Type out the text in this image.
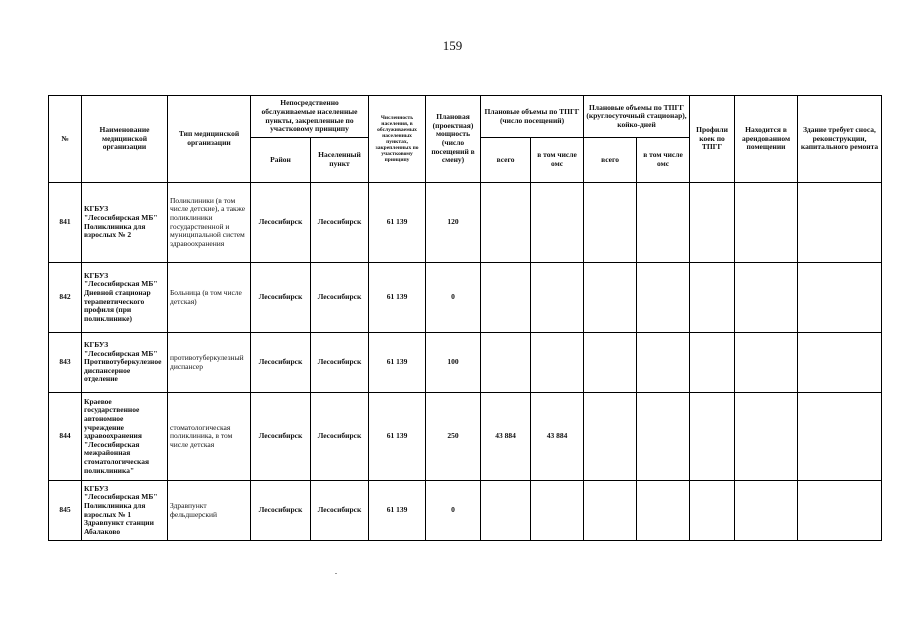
159
№	Наименование медицинской организации	Тип медицинской организации	Непосредственно обслуживаемые населенные пункты, закрепленные по участковому принципу		Численность населения, в обслуживаемых населенных пунктах, закрепленных по участковому принципу	Плановая (проектная) мощность (число посещений в смену)	Плановые объемы по ТПГГ (число посещений)		Плановые объемы по ТПГГ (круглосуточный стационар), койко-дней		Профили коек по ТПГГ	Находится в арендованном помещении	Здание требует сноса, реконструкции, капитального ремонта
			Район	Населенный пункт			всего	в том числе омс	всего	в том числе омс			
841	КГБУЗ "Лесосибирская МБ" Поликлиника для взрослых № 2	Поликлиники (в том числе детские), а также поликлиники государственной и муниципальной систем здравоохранения	Лесосибирск	Лесосибирск	61 139	120							
842	КГБУЗ "Лесосибирская МБ" Дневной стационар терапевтического профиля (при поликлинике)	Больница (в том числе детская)	Лесосибирск	Лесосибирск	61 139	0							
843	КГБУЗ "Лесосибирская МБ" Противотуберкулезное диспансерное отделение	противотуберкулезный диспансер	Лесосибирск	Лесосибирск	61 139	100							
844	Краевое государственное автономное учреждение здравоохранения "Лесосибирская межрайонная стоматологическая поликлиника"	стоматологическая поликлиника, в том числе детская	Лесосибирск	Лесосибирск	61 139	250	43 884	43 884					
845	КГБУЗ "Лесосибирская МБ" Поликлиника для взрослых № 1 Здравпункт станции Абалаково	Здравпункт фельдшерский	Лесосибирск	Лесосибирск	61 139	0							
